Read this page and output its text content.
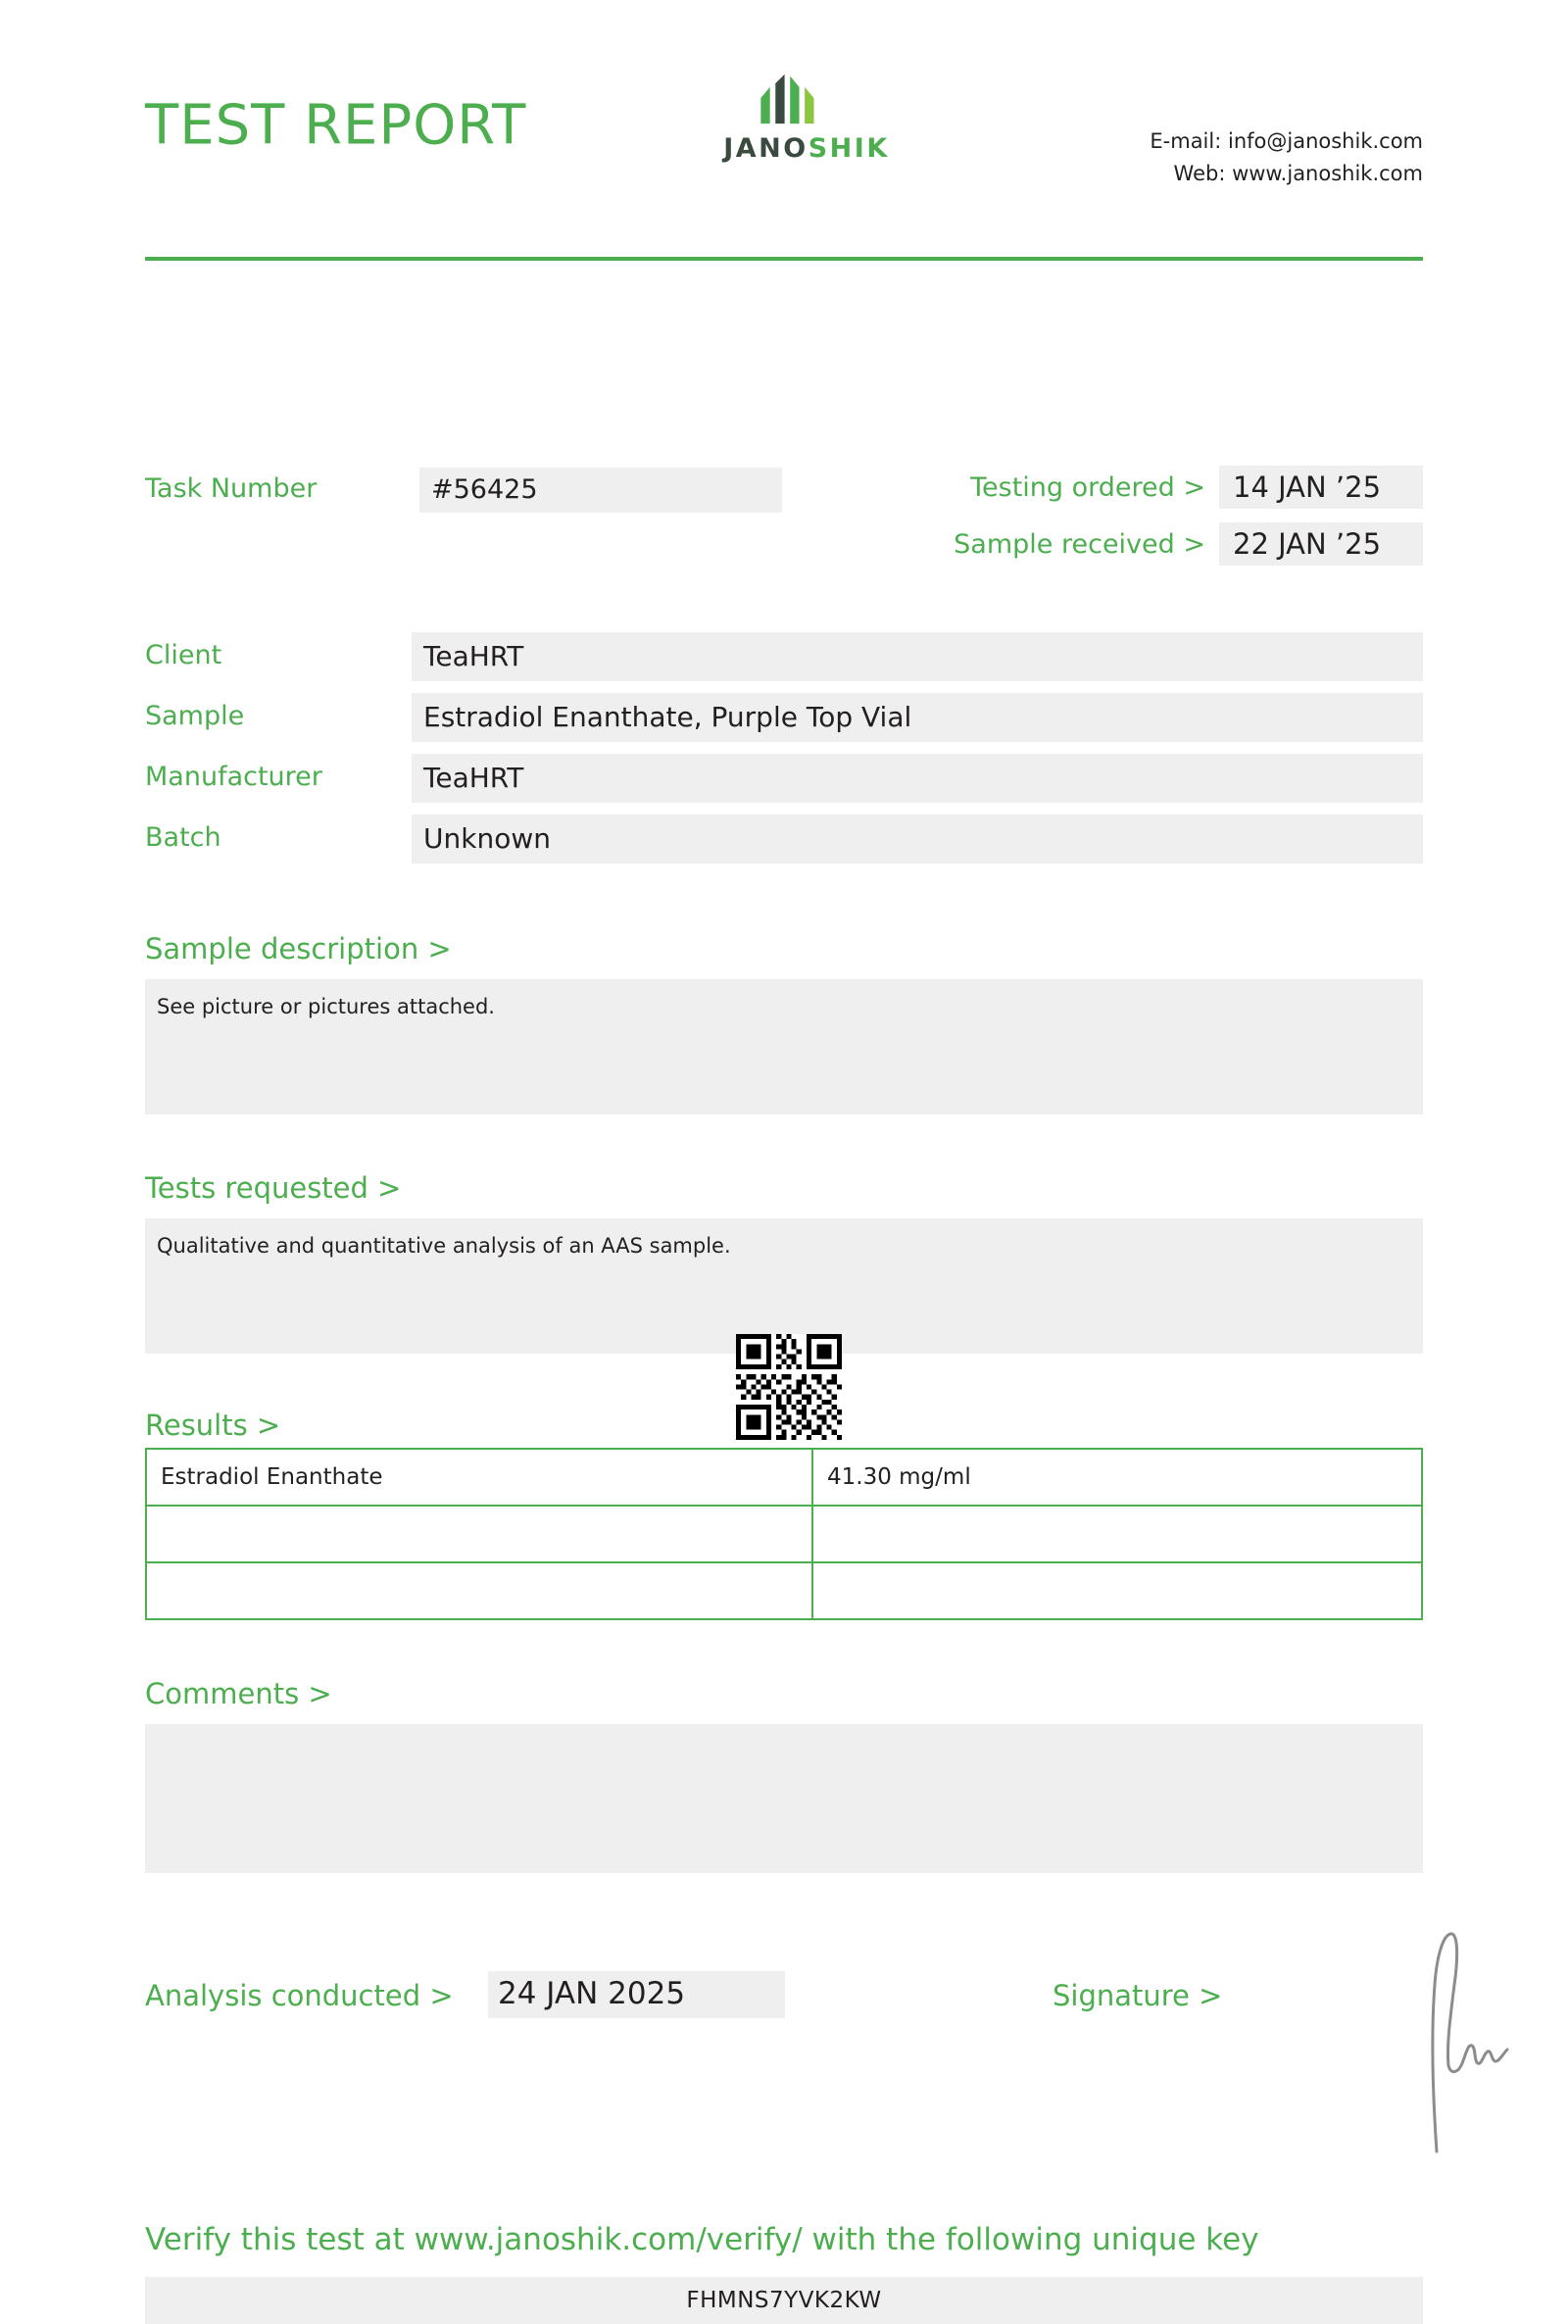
TEST REPORT	JANOSHIK	E-mail: info@janoshik.com
Web: www.janoshik.com
Task Number	#56425	Testing ordered > 14 JAN ’25
Sample received > 22 JAN ’25
Client	TeaHRT
Sample	Estradiol Enanthate, Purple Top Vial
Manufacturer	TeaHRT
Batch	Unknown
Sample description >
See picture or pictures attached.
Tests requested >
Qualitative and quantitative analysis of an AAS sample.
Results >
Estradiol Enanthate	41.30 mg/ml

Comments >
Analysis conducted >	24 JAN 2025	Signature >
Verify this test at www.janoshik.com/verify/ with the following unique key
FHMNS7YVK2KW
